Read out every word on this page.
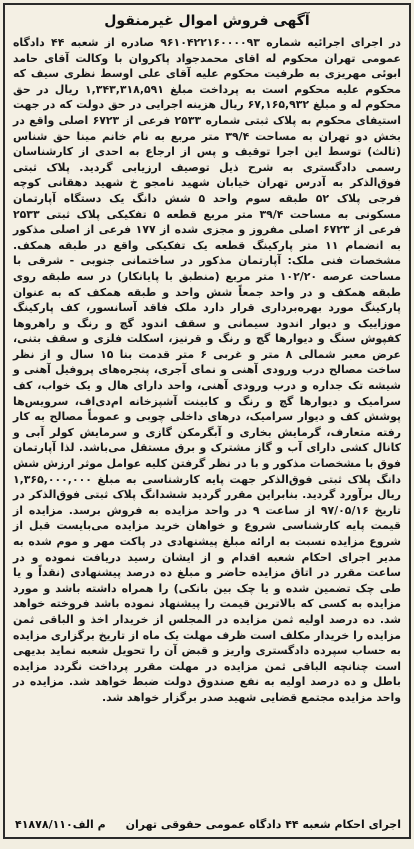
آگهی فروش اموال غیرمنقول

در اجرای اجرائیه شماره ۹۶۱۰۴۲۲۱۶۰۰۰۰۹۳ صادره از شعبه ۴۴ دادگاه عمومی تهران محکوم له اقای محمدجواد پاکروان با وکالت آقای حامد ابوئی مهریزی به طرفیت محکوم علیه آقای علی اوسط نظری سیف که محکوم علیه محکوم است به پرداخت مبلغ ۱,۳۴۳,۳۱۸,۵۹۱ ریال در حق محکوم له و مبلغ ۶۷,۱۶۵,۹۳۲ ریال هزینه اجرایی در حق دولت که در جهت استیفای محکوم به پلاک ثبتی شماره ۲۵۳۳ فرعی از ۶۷۲۳ اصلی واقع در بخش دو تهران به مساحت ۳۹/۴ متر مربع به نام خانم مینا حق شناس (ثالث) توسط این اجرا توقیف و پس از ارجاع به احدی از کارشناسان رسمی دادگستری به شرح ذیل توصیف ارزیابی گردید. پلاک ثبتی فوق‌الذکر به آدرس تهران خیابان شهید نامجو خ شهید دهقانی کوچه فرجی پلاک ۵۲ طبقه سوم واحد ۵ شش دانگ یک دستگاه آپارتمان مسکونی به مساحت ۳۹/۴ متر مربع قطعه ۵ تفکیکی پلاک ثبتی ۲۵۳۳ فرعی از ۶۷۲۳ اصلی مفروز و مجزی شده از ۱۷۷ فرعی از اصلی مذکور به انضمام ۱۱ متر پارکینگ قطعه یک تفکیکی واقع در طبقه همکف. مشخصات فنی ملک: آپارتمان مذکور در ساختمانی جنوبی - شرقی با مساحت عرصه ۱۰۲/۲۰ متر مربع (منطبق با پایانکار) در سه طبقه روی طبقه همکف و در واحد جمعاً شش واحد و طبقه همکف که به عنوان پارکینگ مورد بهره‌برداری قرار دارد ملک فاقد آسانسور، کف پارکینگ موزاییک و دیوار اندود سیمانی و سقف اندود گچ و رنگ و راهروها کفپوش سنگ و دیوارها گچ و رنگ و قرنیز، اسکلت فلزی و سقف بتنی، عرض معبر شمالی ۸ متر و غربی ۶ متر قدمت بنا ۱۵ سال و از نظر ساخت مصالح درب ورودی آهنی و نمای آجری، پنجره‌های پروفیل آهنی و شیشه تک جداره و درب ورودی آهنی، واحد دارای هال و یک خواب، کف سرامیک و دیوارها گچ و رنگ و کابینت آشپزخانه ام‌دی‌اف، سرویس‌ها پوشش کف و دیوار سرامیک، درهای داخلی چوبی و عموماً مصالح به کار رفته متعارف، گرمایش بخاری و آبگرمکن گازی و سرمایش کولر آبی و کانال کشی دارای آب و گاز مشترک و برق مستقل می‌باشد. لذا آپارتمان فوق با مشخصات مذکور و با در نظر گرفتن کلیه عوامل موثر ارزش شش دانگ پلاک ثبتی فوق‌الذکر جهت پایه کارشناسی به مبلغ ۱,۳۶۵,۰۰۰,۰۰۰ ریال برآورد گردید. بنابراین مقرر گردید ششدانگ پلاک ثبتی فوق‌الذکر در تاریخ ۹۷/۰۵/۱۶ از ساعت ۹ در واحد مزایده به فروش برسد. مزایده از قیمت پایه کارشناسی شروع و خواهان خرید مزایده می‌بایست قبل از شروع مزایده نسبت به ارائه مبلغ پیشنهادی در پاکت مهر و موم شده به مدیر اجرای احکام شعبه اقدام و از ایشان رسید دریافت نموده و در ساعت مقرر در اتاق مزایده حاضر و مبلغ ده درصد پیشنهادی (نقداً و یا طی چک تضمین شده و یا چک بین بانکی) را همراه داشته باشد و مورد مزایده به کسی که بالاترین قیمت را پیشنهاد نموده باشد فروخته خواهد شد. ده درصد اولیه ثمن مزایده در المجلس از خریدار اخذ و الباقی ثمن مزایده را خریدار مکلف است ظرف مهلت یک ماه از تاریخ برگزاری مزایده به حساب سپرده دادگستری واریز و قبض آن را تحویل شعبه نماید بدیهی است چنانچه الباقی ثمن مزایده در مهلت مقرر پرداخت نگردد مزایده باطل و ده درصد اولیه به نفع صندوق دولت ضبط خواهد شد. مزایده در واحد مزایده مجتمع قضایی شهید صدر برگزار خواهد شد.

اجرای احکام شعبه ۴۴ دادگاه عمومی حقوقی تهران
م الف۴۱۸۷۸/۱۱۰
